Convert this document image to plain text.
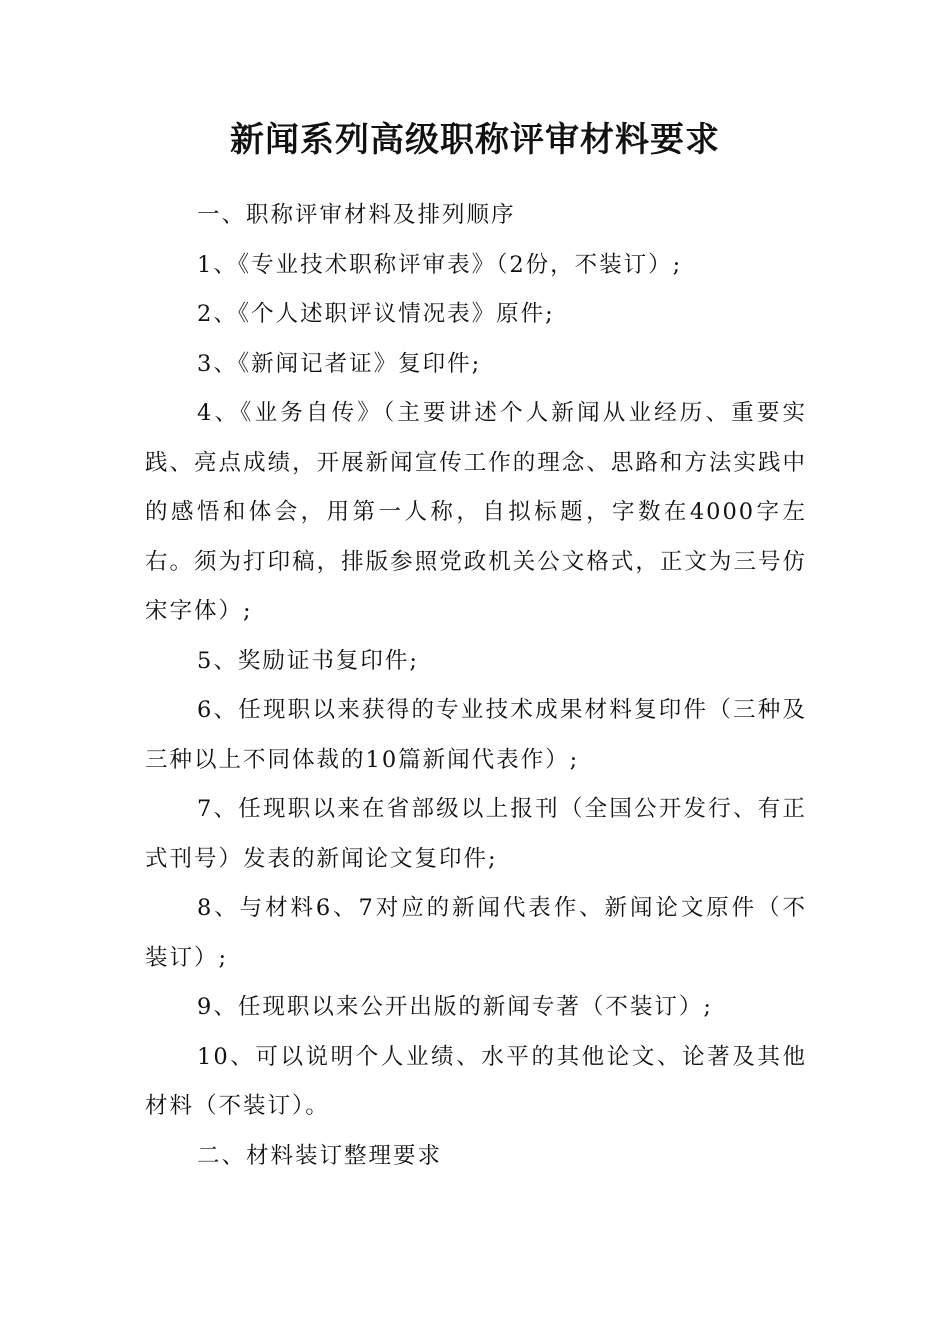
新闻系列高级职称评审材料要求

一、职称评审材料及排列顺序

1、《专业技术职称评审表》（2份，不装订）;

2、《个人述职评议情况表》原件;

3、《新闻记者证》复印件;

4、《业务自传》（主要讲述个人新闻从业经历、重要实践、亮点成绩，开展新闻宣传工作的理念、思路和方法实践中的感悟和体会，用第一人称，自拟标题，字数在4000字左右。须为打印稿，排版参照党政机关公文格式，正文为三号仿宋字体）;

5、奖励证书复印件;

6、任现职以来获得的专业技术成果材料复印件（三种及三种以上不同体裁的10篇新闻代表作）;

7、任现职以来在省部级以上报刊（全国公开发行、有正式刊号）发表的新闻论文复印件;

8、与材料6、7对应的新闻代表作、新闻论文原件（不装订）;

9、任现职以来公开出版的新闻专著（不装订）;

10、可以说明个人业绩、水平的其他论文、论著及其他材料（不装订）。

二、材料装订整理要求
